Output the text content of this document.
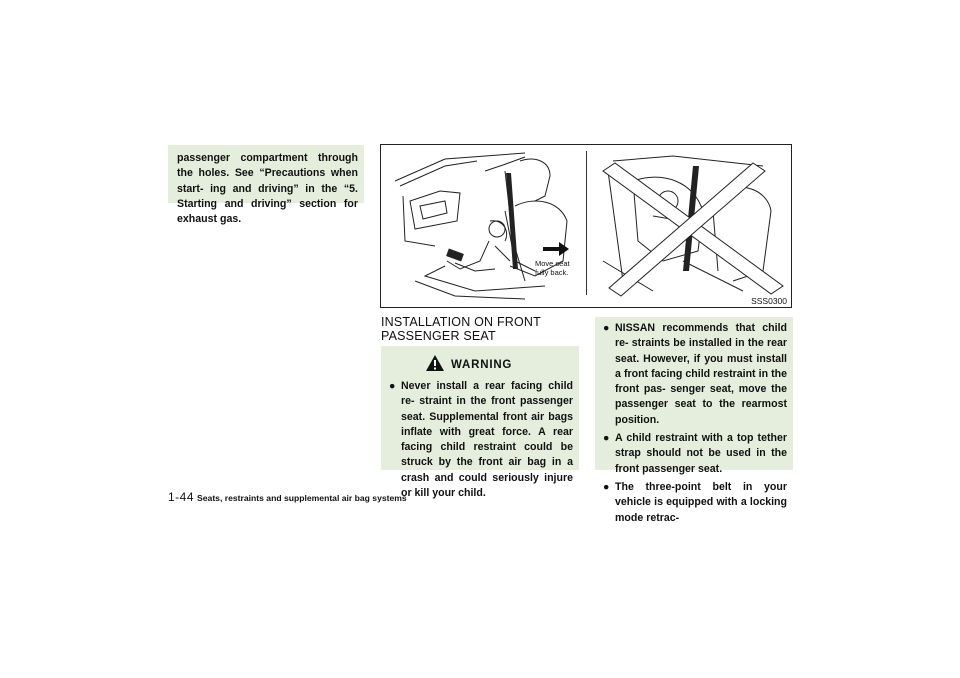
passenger compartment through the holes. See “Precautions when start- ing and driving” in the “5. Starting and driving” section for exhaust gas.

Move seat fully back.
SSS0300
INSTALLATION ON FRONT PASSENGER SEAT
WARNING
● Never install a rear facing child re- straint in the front passenger seat. Supplemental front air bags inflate with great force. A rear facing child restraint could be struck by the front air bag in a crash and could seriously injure or kill your child.
● NISSAN recommends that child re- straints be installed in the rear seat. However, if you must install a front facing child restraint in the front pas- senger seat, move the passenger seat to the rearmost position.
● A child restraint with a top tether strap should not be used in the front passenger seat.
● The three-point belt in your vehicle is equipped with a locking mode retrac-
1-44 Seats, restraints and supplemental air bag systems
